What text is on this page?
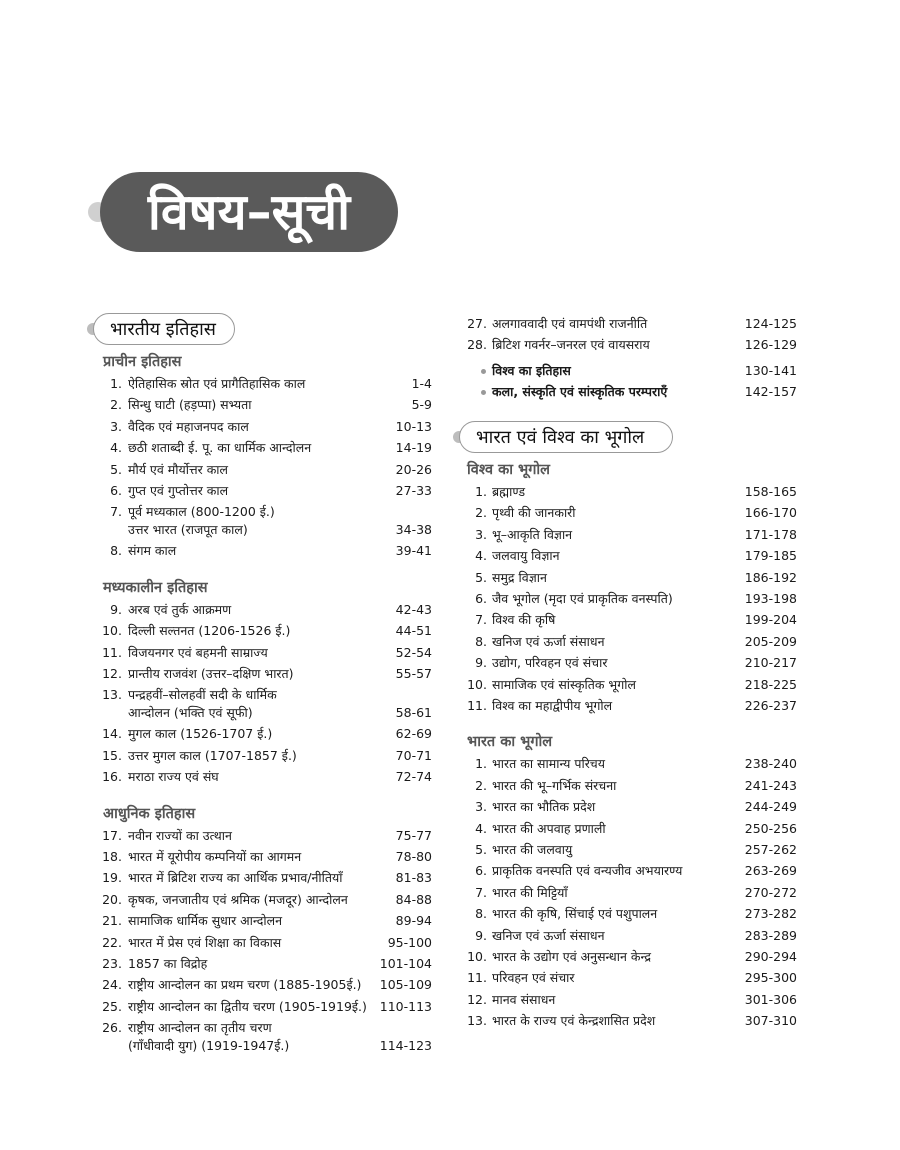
विषय–सूची
भारतीय इतिहास
प्राचीन इतिहास
1. ऐतिहासिक स्रोत एवं प्रागैतिहासिक काल	1-4
2. सिन्धु घाटी (हड़प्पा) सभ्यता	5-9
3. वैदिक एवं महाजनपद काल	10-13
4. छठी शताब्दी ई. पू. का धार्मिक आन्दोलन	14-19
5. मौर्य एवं मौर्योत्तर काल	20-26
6. गुप्त एवं गुप्तोत्तर काल	27-33
7. पूर्व मध्यकाल (800-1200 ई.)
उत्तर भारत (राजपूत काल)	34-38
8. संगम काल	39-41
मध्यकालीन इतिहास
9. अरब एवं तुर्क आक्रमण	42-43
10. दिल्ली सल्तनत (1206-1526 ई.)	44-51
11. विजयनगर एवं बहमनी साम्राज्य	52-54
12. प्रान्तीय राजवंश (उत्तर–दक्षिण भारत)	55-57
13. पन्द्रहवीं–सोलहवीं सदी के धार्मिक
आन्दोलन (भक्ति एवं सूफी)	58-61
14. मुगल काल (1526-1707 ई.)	62-69
15. उत्तर मुगल काल (1707-1857 ई.)	70-71
16. मराठा राज्य एवं संघ	72-74
आधुनिक इतिहास
17. नवीन राज्यों का उत्थान	75-77
18. भारत में यूरोपीय कम्पनियों का आगमन	78-80
19. भारत में ब्रिटिश राज्य का आर्थिक प्रभाव/नीतियाँ	81-83
20. कृषक, जनजातीय एवं श्रमिक (मजदूर) आन्दोलन	84-88
21. सामाजिक धार्मिक सुधार आन्दोलन	89-94
22. भारत में प्रेस एवं शिक्षा का विकास	95-100
23. 1857 का विद्रोह	101-104
24. राष्ट्रीय आन्दोलन का प्रथम चरण (1885-1905ई.)	105-109
25. राष्ट्रीय आन्दोलन का द्वितीय चरण (1905-1919ई.)	110-113
26. राष्ट्रीय आन्दोलन का तृतीय चरण
(गाँधीवादी युग) (1919-1947ई.)	114-123
27. अलगाववादी एवं वामपंथी राजनीति	124-125
28. ब्रिटिश गवर्नर–जनरल एवं वायसराय	126-129
विश्व का इतिहास	130-141
कला, संस्कृति एवं सांस्कृतिक परम्पराएँ	142-157
भारत एवं विश्व का भूगोल
विश्व का भूगोल
1. ब्रह्माण्ड	158-165
2. पृथ्वी की जानकारी	166-170
3. भू–आकृति विज्ञान	171-178
4. जलवायु विज्ञान	179-185
5. समुद्र विज्ञान	186-192
6. जैव भूगोल (मृदा एवं प्राकृतिक वनस्पति)	193-198
7. विश्व की कृषि	199-204
8. खनिज एवं ऊर्जा संसाधन	205-209
9. उद्योग, परिवहन एवं संचार	210-217
10. सामाजिक एवं सांस्कृतिक भूगोल	218-225
11. विश्व का महाद्वीपीय भूगोल	226-237
भारत का भूगोल
1. भारत का सामान्य परिचय	238-240
2. भारत की भू–गर्भिक संरचना	241-243
3. भारत का भौतिक प्रदेश	244-249
4. भारत की अपवाह प्रणाली	250-256
5. भारत की जलवायु	257-262
6. प्राकृतिक वनस्पति एवं वन्यजीव अभयारण्य	263-269
7. भारत की मिट्टियाँ	270-272
8. भारत की कृषि, सिंचाई एवं पशुपालन	273-282
9. खनिज एवं ऊर्जा संसाधन	283-289
10. भारत के उद्योग एवं अनुसन्धान केन्द्र	290-294
11. परिवहन एवं संचार	295-300
12. मानव संसाधन	301-306
13. भारत के राज्य एवं केन्द्रशासित प्रदेश	307-310
